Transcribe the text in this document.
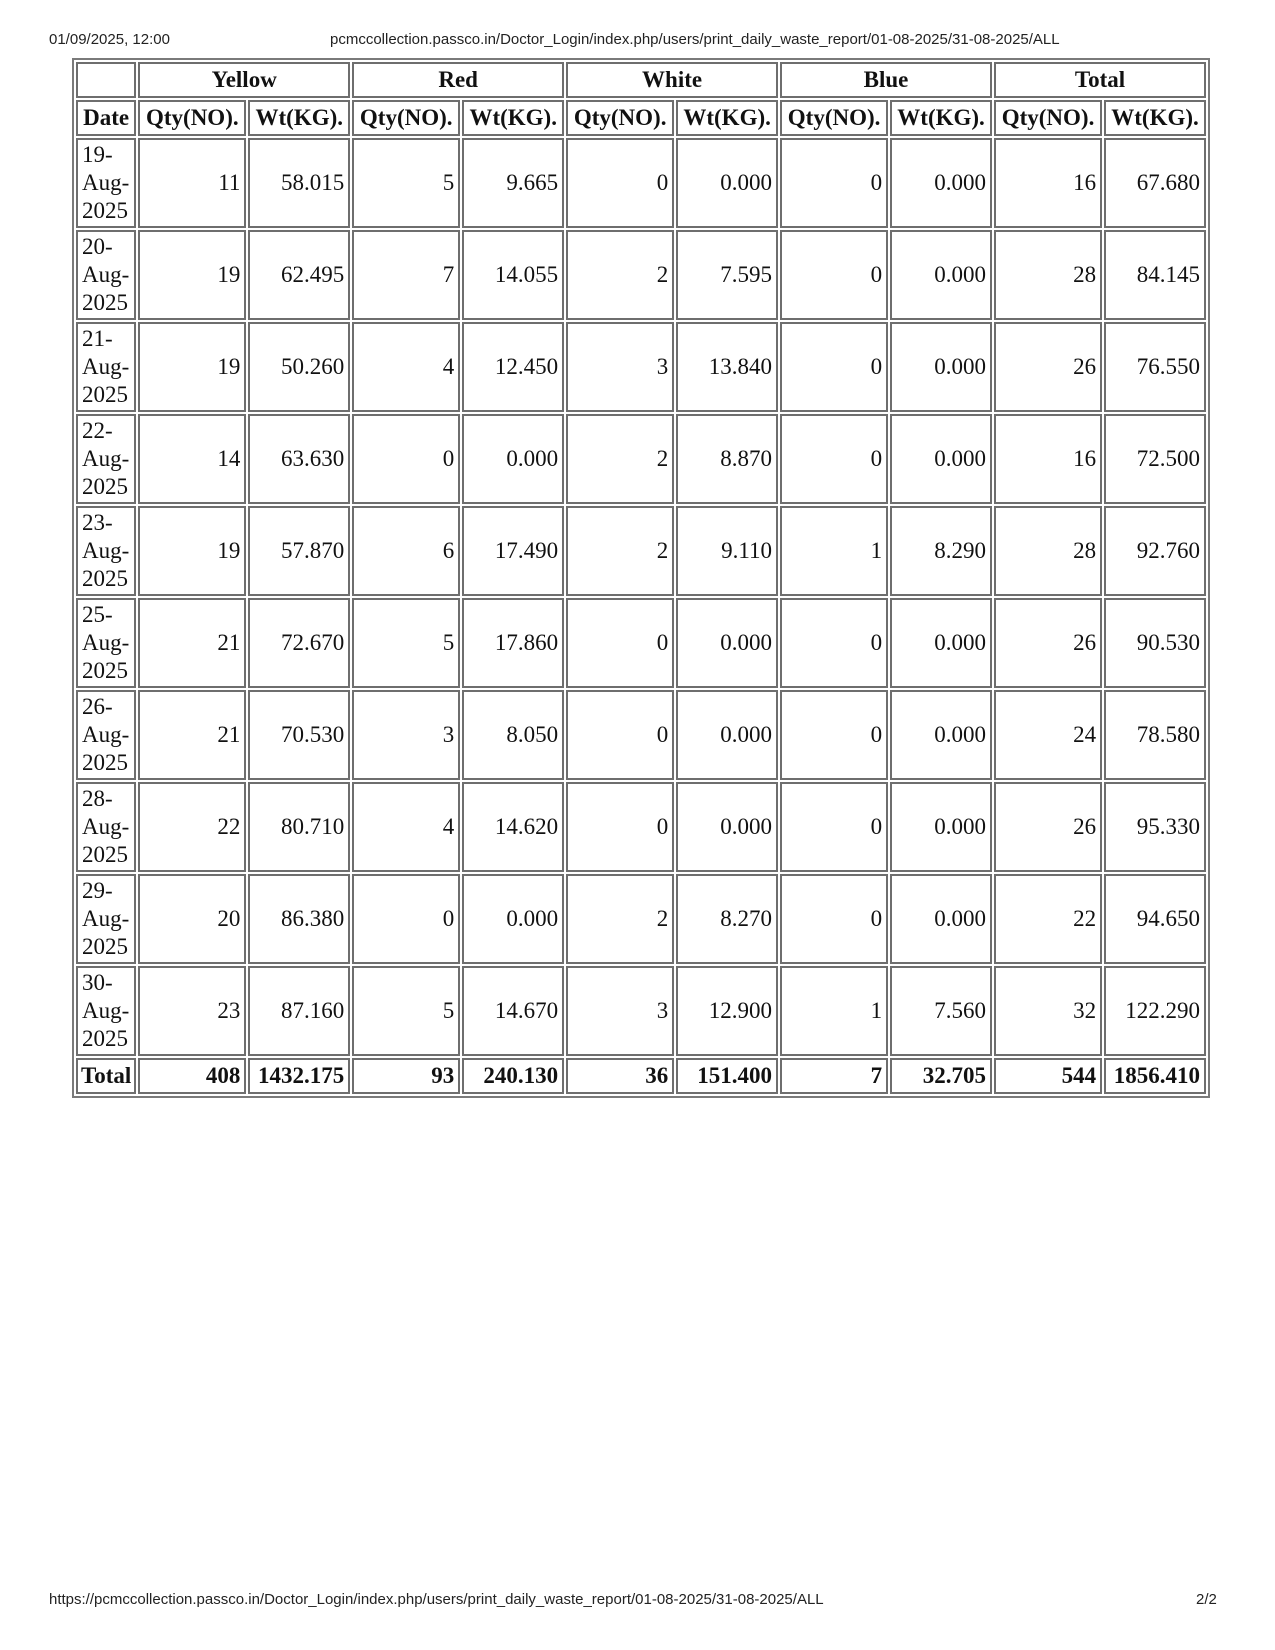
01/09/2025, 12:00	pcmccollection.passco.in/Doctor_Login/index.php/users/print_daily_waste_report/01-08-2025/31-08-2025/ALL
	Yellow		Red		White		Blue		Total	
Date	Qty(NO).	Wt(KG).	Qty(NO).	Wt(KG).	Qty(NO).	Wt(KG).	Qty(NO).	Wt(KG).	Qty(NO).	Wt(KG).
19-
Aug-
2025	11	58.015	5	9.665	0	0.000	0	0.000	16	67.680
20-
Aug-
2025	19	62.495	7	14.055	2	7.595	0	0.000	28	84.145
21-
Aug-
2025	19	50.260	4	12.450	3	13.840	0	0.000	26	76.550
22-
Aug-
2025	14	63.630	0	0.000	2	8.870	0	0.000	16	72.500
23-
Aug-
2025	19	57.870	6	17.490	2	9.110	1	8.290	28	92.760
25-
Aug-
2025	21	72.670	5	17.860	0	0.000	0	0.000	26	90.530
26-
Aug-
2025	21	70.530	3	8.050	0	0.000	0	0.000	24	78.580
28-
Aug-
2025	22	80.710	4	14.620	0	0.000	0	0.000	26	95.330
29-
Aug-
2025	20	86.380	0	0.000	2	8.270	0	0.000	22	94.650
30-
Aug-
2025	23	87.160	5	14.670	3	12.900	1	7.560	32	122.290
Total	408	1432.175	93	240.130	36	151.400	7	32.705	544	1856.410
https://pcmccollection.passco.in/Doctor_Login/index.php/users/print_daily_waste_report/01-08-2025/31-08-2025/ALL	2/2
